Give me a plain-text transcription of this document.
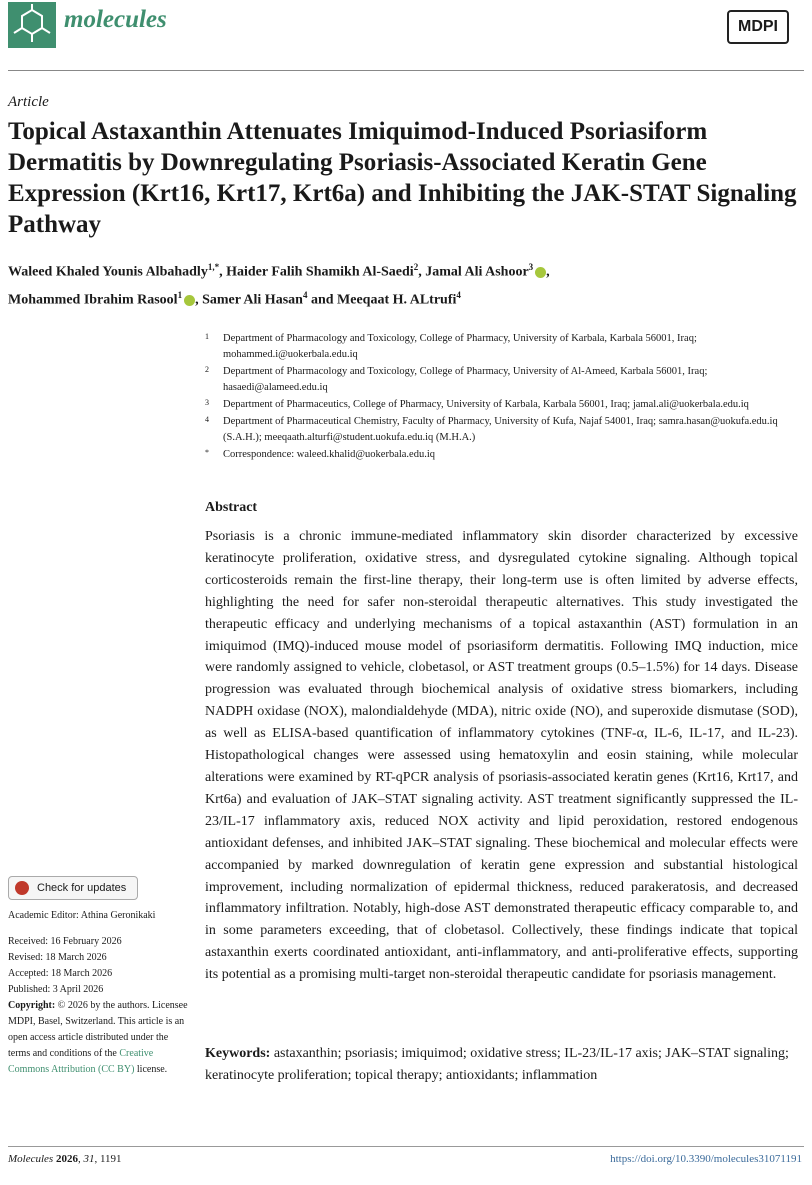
molecules	MDPI
Article
Topical Astaxanthin Attenuates Imiquimod-Induced Psoriasiform Dermatitis by Downregulating Psoriasis-Associated Keratin Gene Expression (Krt16, Krt17, Krt6a) and Inhibiting the JAK-STAT Signaling Pathway
Waleed Khaled Younis Albahadly$^{1,*}$, Haider Falih Shamikh Al-Saedi$^2$, Jamal Ali Ashoor$^3$ ,
Mohammed Ibrahim Rasool$^1$ , Samer Ali Hasan$^4$ and Meeqaat H. ALtrufi$^4$
1 Department of Pharmacology and Toxicology, College of Pharmacy, University of Karbala, Karbala 56001, Iraq; mohammed.i@uokerbala.edu.iq
2 Department of Pharmacology and Toxicology, College of Pharmacy, University of Al-Ameed, Karbala 56001, Iraq; hasaedi@alameed.edu.iq
3 Department of Pharmaceutics, College of Pharmacy, University of Karbala, Karbala 56001, Iraq; jamal.ali@uokerbala.edu.iq
4 Department of Pharmaceutical Chemistry, Faculty of Pharmacy, University of Kufa, Najaf 54001, Iraq; samra.hasan@uokufa.edu.iq (S.A.H.); meeqaath.alturfi@student.uokufa.edu.iq (M.H.A.)
* Correspondence: waleed.khalid@uokerbala.edu.iq
Abstract
Psoriasis is a chronic immune-mediated inflammatory skin disorder characterized by excessive keratinocyte proliferation, oxidative stress, and dysregulated cytokine signaling. Although topical corticosteroids remain the first-line therapy, their long-term use is often limited by adverse effects, highlighting the need for safer non-steroidal therapeutic alternatives. This study investigated the therapeutic efficacy and underlying mechanisms of a topical astaxanthin (AST) formulation in an imiquimod (IMQ)-induced mouse model of psoriasiform dermatitis. Following IMQ induction, mice were randomly assigned to vehicle, clobetasol, or AST treatment groups (0.5–1.5%) for 14 days. Disease progression was evaluated through biochemical analysis of oxidative stress biomarkers, including NADPH oxidase (NOX), malondialdehyde (MDA), nitric oxide (NO), and superoxide dismutase (SOD), as well as ELISA-based quantification of inflammatory cytokines (TNF-α, IL-6, IL-17, and IL-23). Histopathological changes were assessed using hematoxylin and eosin staining, while molecular alterations were examined by RT-qPCR analysis of psoriasis-associated keratin genes (Krt16, Krt17, and Krt6a) and evaluation of JAK–STAT signaling activity. AST treatment significantly suppressed the IL-23/IL-17 inflammatory axis, reduced NOX activity and lipid peroxidation, restored endogenous antioxidant defenses, and inhibited JAK–STAT signaling. These biochemical and molecular effects were accompanied by marked downregulation of keratin gene expression and substantial histological improvement, including normalization of epidermal thickness, reduced parakeratosis, and decreased inflammatory infiltration. Notably, high-dose AST demonstrated therapeutic efficacy comparable to, and in some parameters exceeding, that of clobetasol. Collectively, these findings indicate that topical astaxanthin exerts coordinated antioxidant, anti-inflammatory, and anti-proliferative effects, supporting its potential as a promising multi-target non-steroidal therapeutic candidate for psoriasis management.
Keywords: astaxanthin; psoriasis; imiquimod; oxidative stress; IL-23/IL-17 axis; JAK–STAT signaling; keratinocyte proliferation; topical therapy; antioxidants; inflammation
Check for updates
Academic Editor: Athina Geronikaki
Received: 16 February 2026
Revised: 18 March 2026
Accepted: 18 March 2026
Published: 3 April 2026
Copyright: © 2026 by the authors. Licensee MDPI, Basel, Switzerland. This article is an open access article distributed under the terms and conditions of the Creative Commons Attribution (CC BY) license.
Molecules 2026, 31, 1191	https://doi.org/10.3390/molecules31071191
